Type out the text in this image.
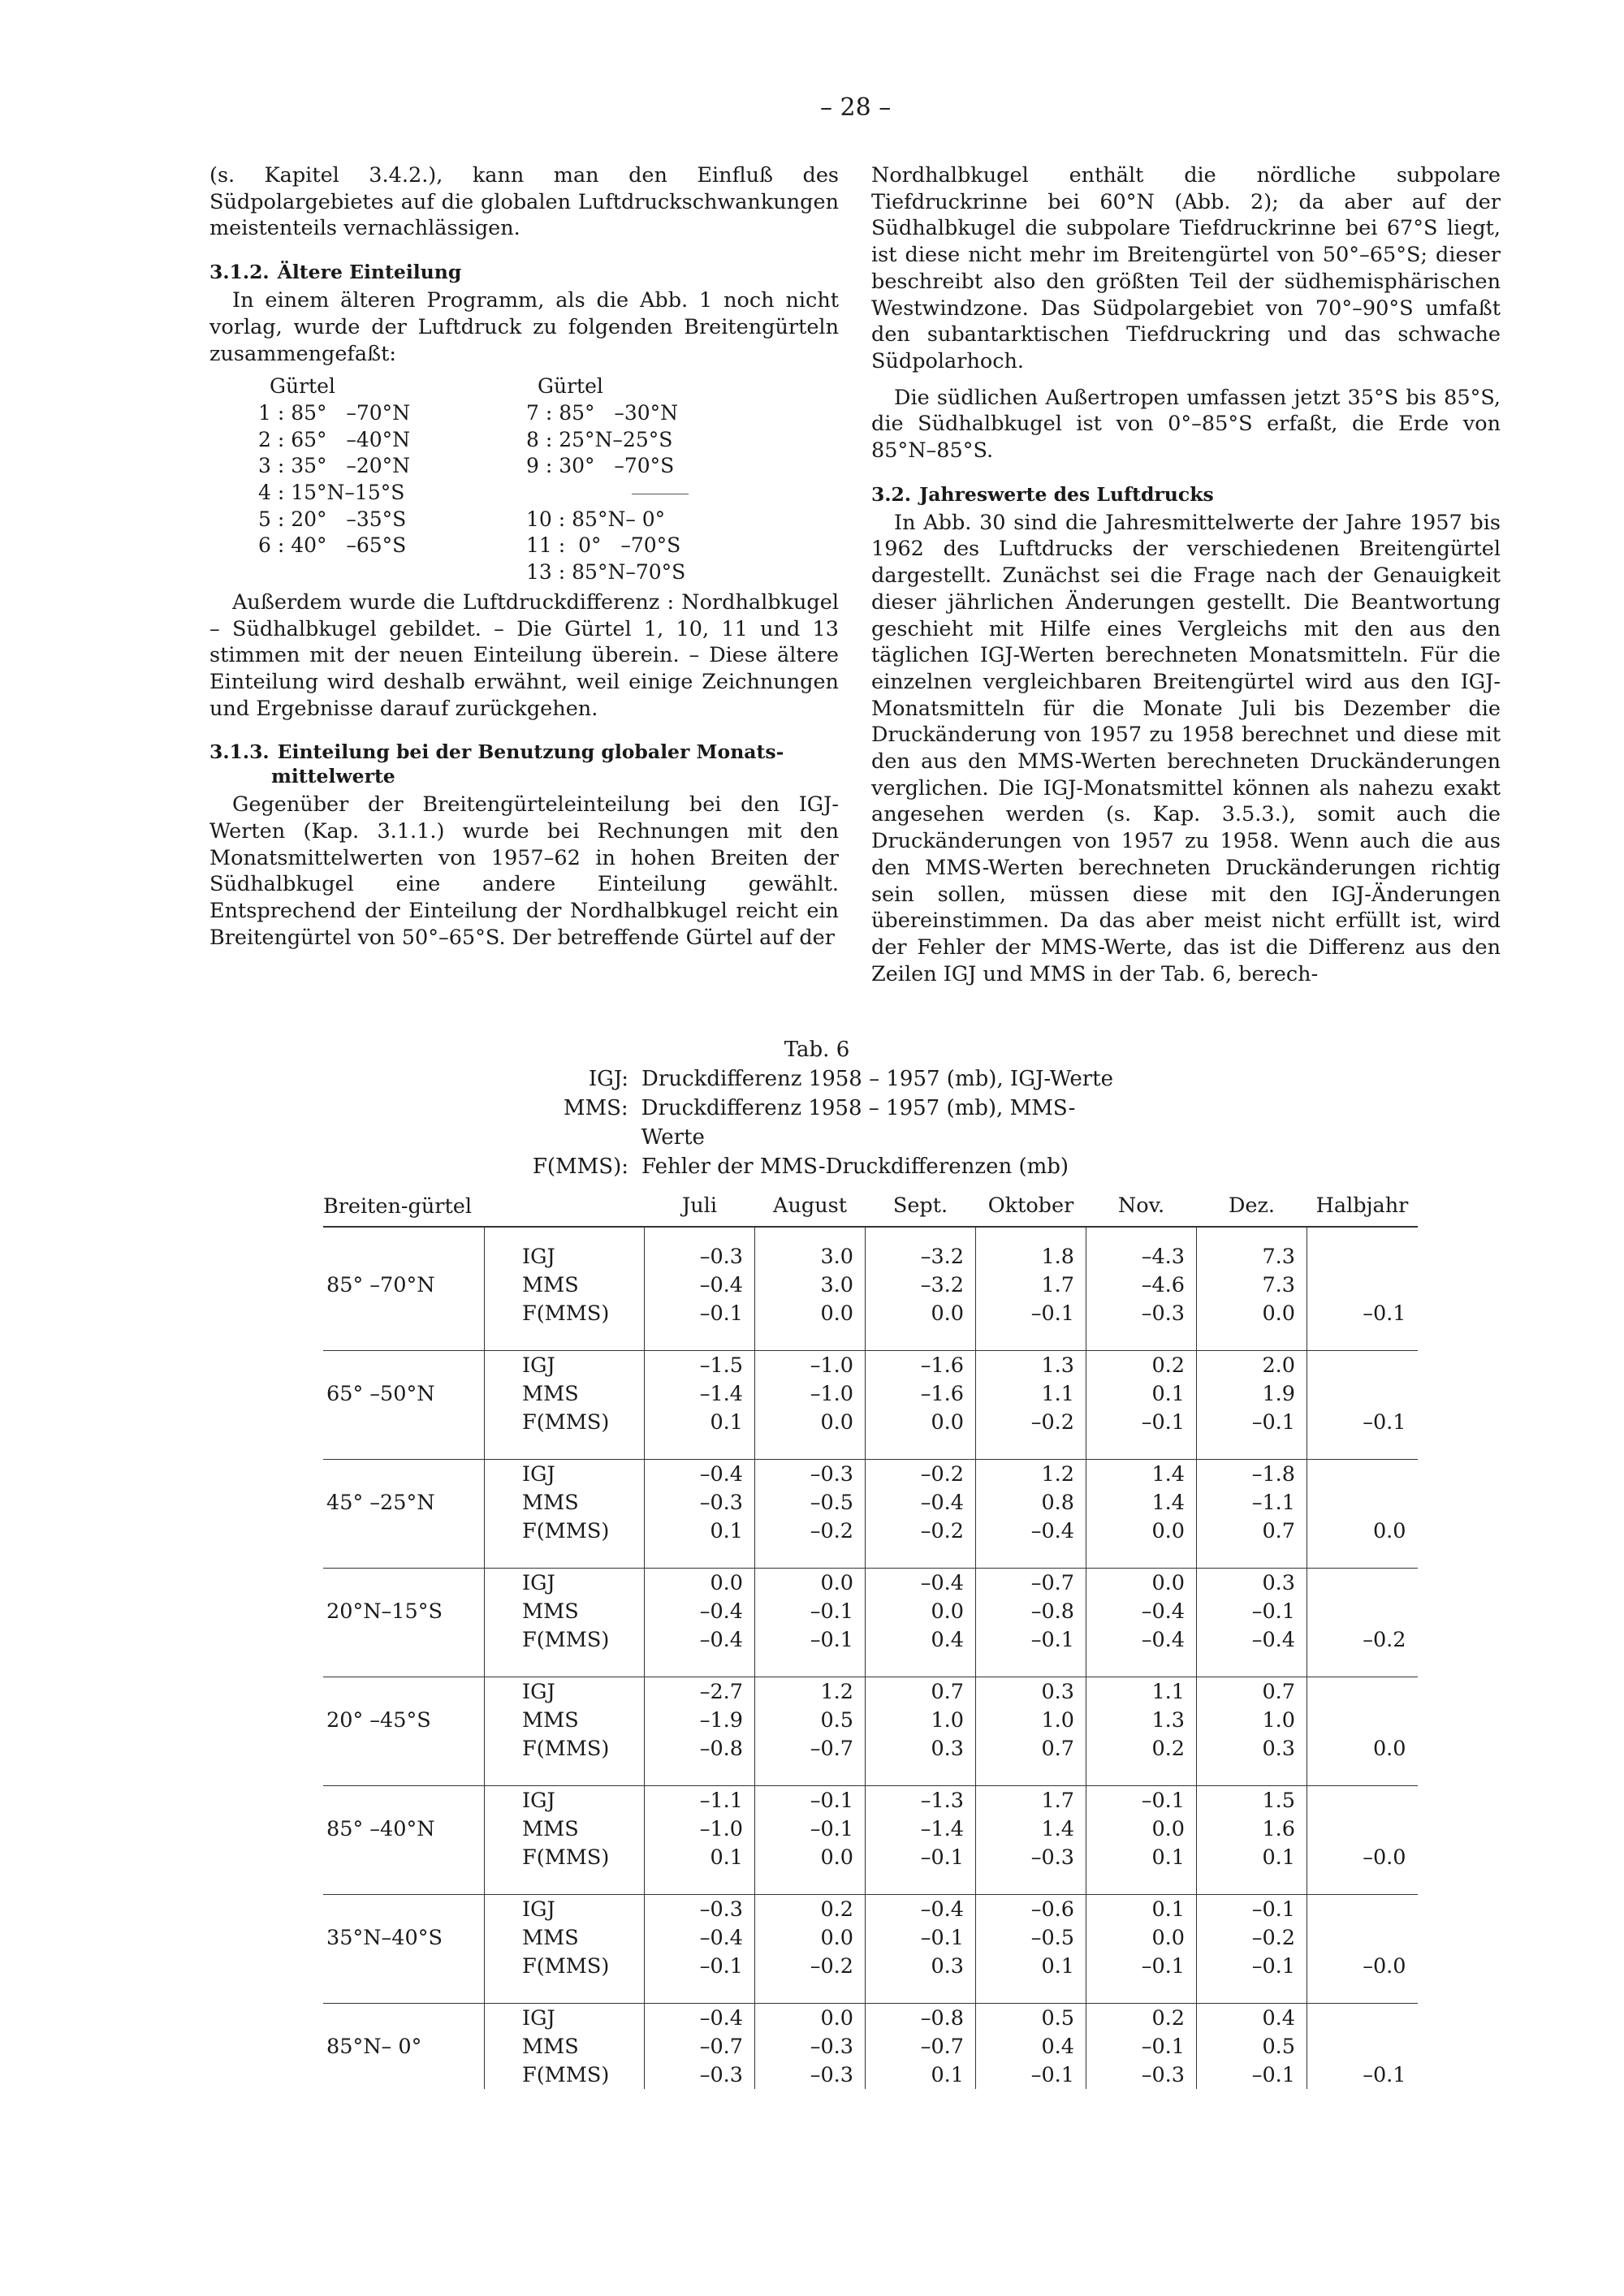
– 28 –

(s. Kapitel 3.4.2.), kann man den Einfluß des Südpolargebietes auf die globalen Luftdruckschwankungen meistenteils vernachlässigen.

3.1.2. Ältere Einteilung

In einem älteren Programm, als die Abb. 1 noch nicht vorlag, wurde der Luftdruck zu folgenden Breitengürteln zusammengefaßt:

Gürtel	Gürtel
1 : 85°   –70°N	7 : 85°   –30°N
2 : 65°   –40°N	8 : 25°N–25°S
3 : 35°   –20°N	9 : 30°   –70°S
4 : 15°N–15°S
5 : 20°   –35°S	10 : 85°N– 0°
6 : 40°   –65°S	11 :  0°   –70°S
13 : 85°N–70°S

Außerdem wurde die Luftdruckdifferenz : Nordhalbkugel – Südhalbkugel gebildet. – Die Gürtel 1, 10, 11 und 13 stimmen mit der neuen Einteilung überein. – Diese ältere Einteilung wird deshalb erwähnt, weil einige Zeichnungen und Ergebnisse darauf zurückgehen.

3.1.3. Einteilung bei der Benutzung globaler Monats-
mittelwerte

Gegenüber der Breitengürteleinteilung bei den IGJ-Werten (Kap. 3.1.1.) wurde bei Rechnungen mit den Monatsmittelwerten von 1957–62 in hohen Breiten der Südhalbkugel eine andere Einteilung gewählt. Entsprechend der Einteilung der Nordhalbkugel reicht ein Breitengürtel von 50°–65°S. Der betreffende Gürtel auf der

Nordhalbkugel enthält die nördliche subpolare Tiefdruckrinne bei 60°N (Abb. 2); da aber auf der Südhalbkugel die subpolare Tiefdruckrinne bei 67°S liegt, ist diese nicht mehr im Breitengürtel von 50°–65°S; dieser beschreibt also den größten Teil der südhemisphärischen Westwindzone. Das Südpolargebiet von 70°–90°S umfaßt den subantarktischen Tiefdruckring und das schwache Südpolarhoch.

Die südlichen Außertropen umfassen jetzt 35°S bis 85°S, die Südhalbkugel ist von 0°–85°S erfaßt, die Erde von 85°N–85°S.

3.2. Jahreswerte des Luftdrucks

In Abb. 30 sind die Jahresmittelwerte der Jahre 1957 bis 1962 des Luftdrucks der verschiedenen Breitengürtel dargestellt. Zunächst sei die Frage nach der Genauigkeit dieser jährlichen Änderungen gestellt. Die Beantwortung geschieht mit Hilfe eines Vergleichs mit den aus den täglichen IGJ-Werten berechneten Monatsmitteln. Für die einzelnen vergleichbaren Breitengürtel wird aus den IGJ-Monatsmitteln für die Monate Juli bis Dezember die Druckänderung von 1957 zu 1958 berechnet und diese mit den aus den MMS-Werten berechneten Druckänderungen verglichen. Die IGJ-Monatsmittel können als nahezu exakt angesehen werden (s. Kap. 3.5.3.), somit auch die Druckänderungen von 1957 zu 1958. Wenn auch die aus den MMS-Werten berechneten Druckänderungen richtig sein sollen, müssen diese mit den IGJ-Änderungen übereinstimmen. Da das aber meist nicht erfüllt ist, wird der Fehler der MMS-Werte, das ist die Differenz aus den Zeilen IGJ und MMS in der Tab. 6, berech-

Tab. 6
IGJ: Druckdifferenz 1958 – 1957 (mb), IGJ-Werte
MMS: Druckdifferenz 1958 – 1957 (mb), MMS-Werte
F(MMS): Fehler der MMS-Druckdifferenzen (mb)
Breiten-gürtel		Juli	August	Sept.	Oktober	Nov.	Dez.	Halbjahr

	IGJ	–0.3	3.0	–3.2	1.8	–4.3	7.3	
85° –70°N	MMS	–0.4	3.0	–3.2	1.7	–4.6	7.3	
	F(MMS)	–0.1	0.0	0.0	–0.1	–0.3	0.0	–0.1

	IGJ	–1.5	–1.0	–1.6	1.3	0.2	2.0	
65° –50°N	MMS	–1.4	–1.0	–1.6	1.1	0.1	1.9	
	F(MMS)	0.1	0.0	0.0	–0.2	–0.1	–0.1	–0.1

	IGJ	–0.4	–0.3	–0.2	1.2	1.4	–1.8	
45° –25°N	MMS	–0.3	–0.5	–0.4	0.8	1.4	–1.1	
	F(MMS)	0.1	–0.2	–0.2	–0.4	0.0	0.7	0.0

	IGJ	0.0	0.0	–0.4	–0.7	0.0	0.3	
20°N–15°S	MMS	–0.4	–0.1	0.0	–0.8	–0.4	–0.1	
	F(MMS)	–0.4	–0.1	0.4	–0.1	–0.4	–0.4	–0.2

	IGJ	–2.7	1.2	0.7	0.3	1.1	0.7	
20° –45°S	MMS	–1.9	0.5	1.0	1.0	1.3	1.0	
	F(MMS)	–0.8	–0.7	0.3	0.7	0.2	0.3	0.0

	IGJ	–1.1	–0.1	–1.3	1.7	–0.1	1.5	
85° –40°N	MMS	–1.0	–0.1	–1.4	1.4	0.0	1.6	
	F(MMS)	0.1	0.0	–0.1	–0.3	0.1	0.1	–0.0

	IGJ	–0.3	0.2	–0.4	–0.6	0.1	–0.1	
35°N–40°S	MMS	–0.4	0.0	–0.1	–0.5	0.0	–0.2	
	F(MMS)	–0.1	–0.2	0.3	0.1	–0.1	–0.1	–0.0

	IGJ	–0.4	0.0	–0.8	0.5	0.2	0.4	
85°N– 0°	MMS	–0.7	–0.3	–0.7	0.4	–0.1	0.5	
	F(MMS)	–0.3	–0.3	0.1	–0.1	–0.3	–0.1	–0.1
